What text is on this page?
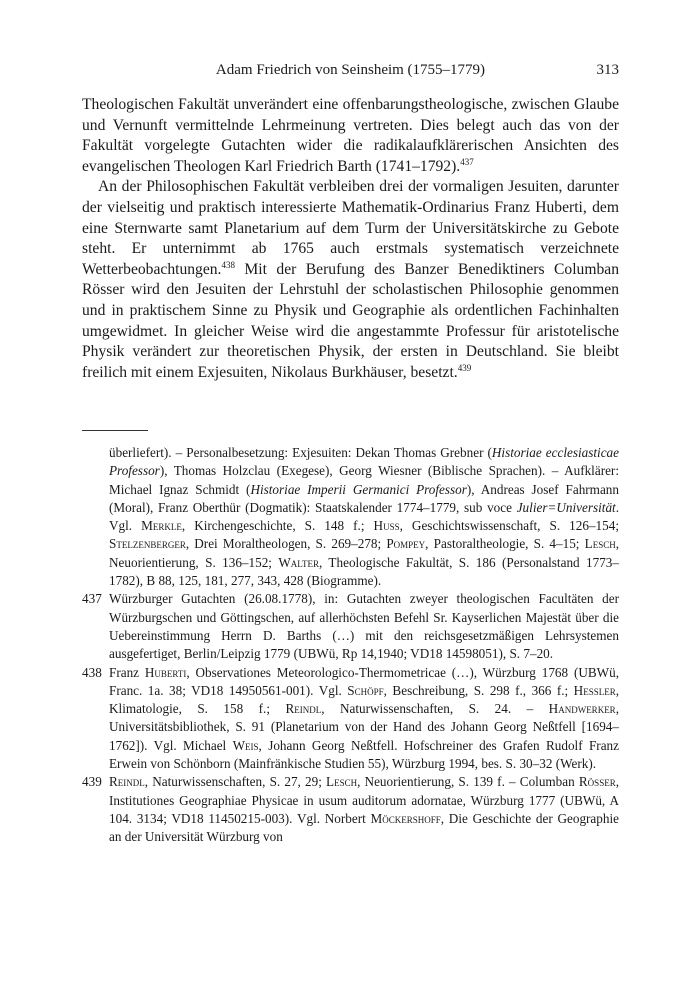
Adam Friedrich von Seinsheim (1755–1779)	313

Theologischen Fakultät unverändert eine offenbarungstheologische, zwischen Glaube und Vernunft vermittelnde Lehrmeinung vertreten. Dies belegt auch das von der Fakultät vorgelegte Gutachten wider die radikalaufklärerischen Ansichten des evangelischen Theologen Karl Friedrich Barth (1741–1792).$^{437}$

An der Philosophischen Fakultät verbleiben drei der vormaligen Jesuiten, darunter der vielseitig und praktisch interessierte Mathematik-Ordinarius Franz Huberti, dem eine Sternwarte samt Planetarium auf dem Turm der Universitätskirche zu Gebote steht. Er unternimmt ab 1765 auch erstmals systematisch verzeichnete Wetterbeobachtungen.$^{438}$ Mit der Berufung des Banzer Benediktiners Columban Rösser wird den Jesuiten der Lehrstuhl der scholastischen Philosophie genommen und in praktischem Sinne zu Physik und Geographie als ordentlichen Fachinhalten umgewidmet. In gleicher Weise wird die angestammte Professur für aristotelische Physik verändert zur theoretischen Physik, der ersten in Deutschland. Sie bleibt freilich mit einem Exjesuiten, Nikolaus Burkhäuser, besetzt.$^{439}$

überliefert). – Personalbesetzung: Exjesuiten: Dekan Thomas Grebner (Historiae ecclesiasticae Professor), Thomas Holzclau (Exegese), Georg Wiesner (Biblische Sprachen). – Aufklärer: Michael Ignaz Schmidt (Historiae Imperii Germanici Professor), Andreas Josef Fahrmann (Moral), Franz Oberthür (Dogmatik): Staatskalender 1774–1779, sub voce Julier=Universität. Vgl. Merkle, Kirchengeschichte, S. 148 f.; Huss, Geschichtswissenschaft, S. 126–154; Stelzenberger, Drei Moraltheologen, S. 269–278; Pompey, Pastoraltheologie, S. 4–15; Lesch, Neuorientierung, S. 136–152; Walter, Theologische Fakultät, S. 186 (Personalstand 1773–1782), B 88, 125, 181, 277, 343, 428 (Biogramme).
437 Würzburger Gutachten (26.08.1778), in: Gutachten zweyer theologischen Facultäten der Würzburgschen und Göttingschen, auf allerhöchsten Befehl Sr. Kayserlichen Majestät über die Uebereinstimmung Herrn D. Barths (…) mit den reichsgesetzmäßigen Lehrsystemen ausgefertiget, Berlin/Leipzig 1779 (UBWü, Rp 14,1940; VD18 14598051), S. 7–20.
438 Franz Huberti, Observationes Meteorologico-Thermometricae (…), Würzburg 1768 (UBWü, Franc. 1a. 38; VD18 14950561-001). Vgl. Schöpf, Beschreibung, S. 298 f., 366 f.; Hessler, Klimatologie, S. 158 f.; Reindl, Naturwissenschaften, S. 24. – Handwerker, Universitätsbibliothek, S. 91 (Planetarium von der Hand des Johann Georg Neßtfell [1694–1762]). Vgl. Michael Weis, Johann Georg Neßtfell. Hofschreiner des Grafen Rudolf Franz Erwein von Schönborn (Mainfränkische Studien 55), Würzburg 1994, bes. S. 30–32 (Werk).
439 Reindl, Naturwissenschaften, S. 27, 29; Lesch, Neuorientierung, S. 139 f. – Columban Rösser, Institutiones Geographiae Physicae in usum auditorum adornatae, Würzburg 1777 (UBWü, A 104. 3134; VD18 11450215-003). Vgl. Norbert Möckershoff, Die Geschichte der Geographie an der Universität Würzburg von
